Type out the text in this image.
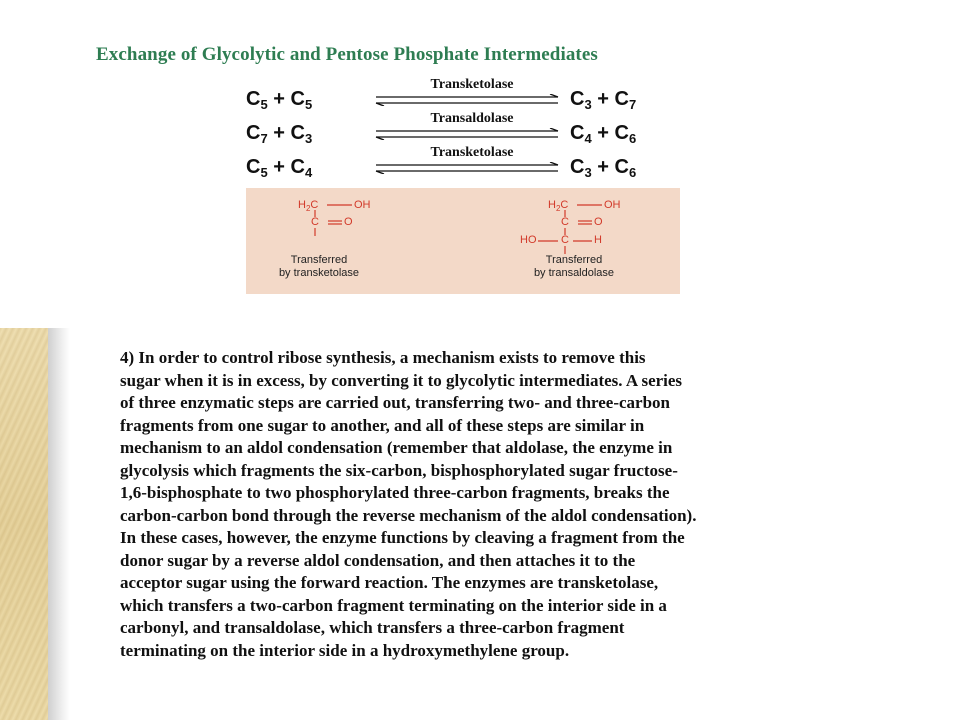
Exchange of Glycolytic and Pentose Phosphate Intermediates
$C_5 + C_5$
Transketolase
$C_3 + C_7$
$C_7 + C_3$
Transaldolase
$C_4 + C_6$
$C_5 + C_4$
Transketolase
$C_3 + C_6$
$H_2C$	OH
C O
Transferred
by transketolase
$H_2C$	OH
C O
HO C H
Transferred
by transaldolase

4) In order to control ribose synthesis, a mechanism exists to remove this
sugar when it is in excess, by converting it to glycolytic intermediates. A series
of three enzymatic steps are carried out, transferring two- and three-carbon
fragments from one sugar to another, and all of these steps are similar in
mechanism to an aldol condensation (remember that aldolase, the enzyme in
glycolysis which fragments the six-carbon, bisphosphorylated sugar fructose-
1,6-bisphosphate to two phosphorylated three-carbon fragments, breaks the
carbon-carbon bond through the reverse mechanism of the aldol condensation).
In these cases, however, the enzyme functions by cleaving a fragment from the
donor sugar by a reverse aldol condensation, and then attaches it to the
acceptor sugar using the forward reaction. The enzymes are transketolase,
which transfers a two-carbon fragment terminating on the interior side in a
carbonyl, and transaldolase, which transfers a three-carbon fragment
terminating on the interior side in a hydroxymethylene group.
